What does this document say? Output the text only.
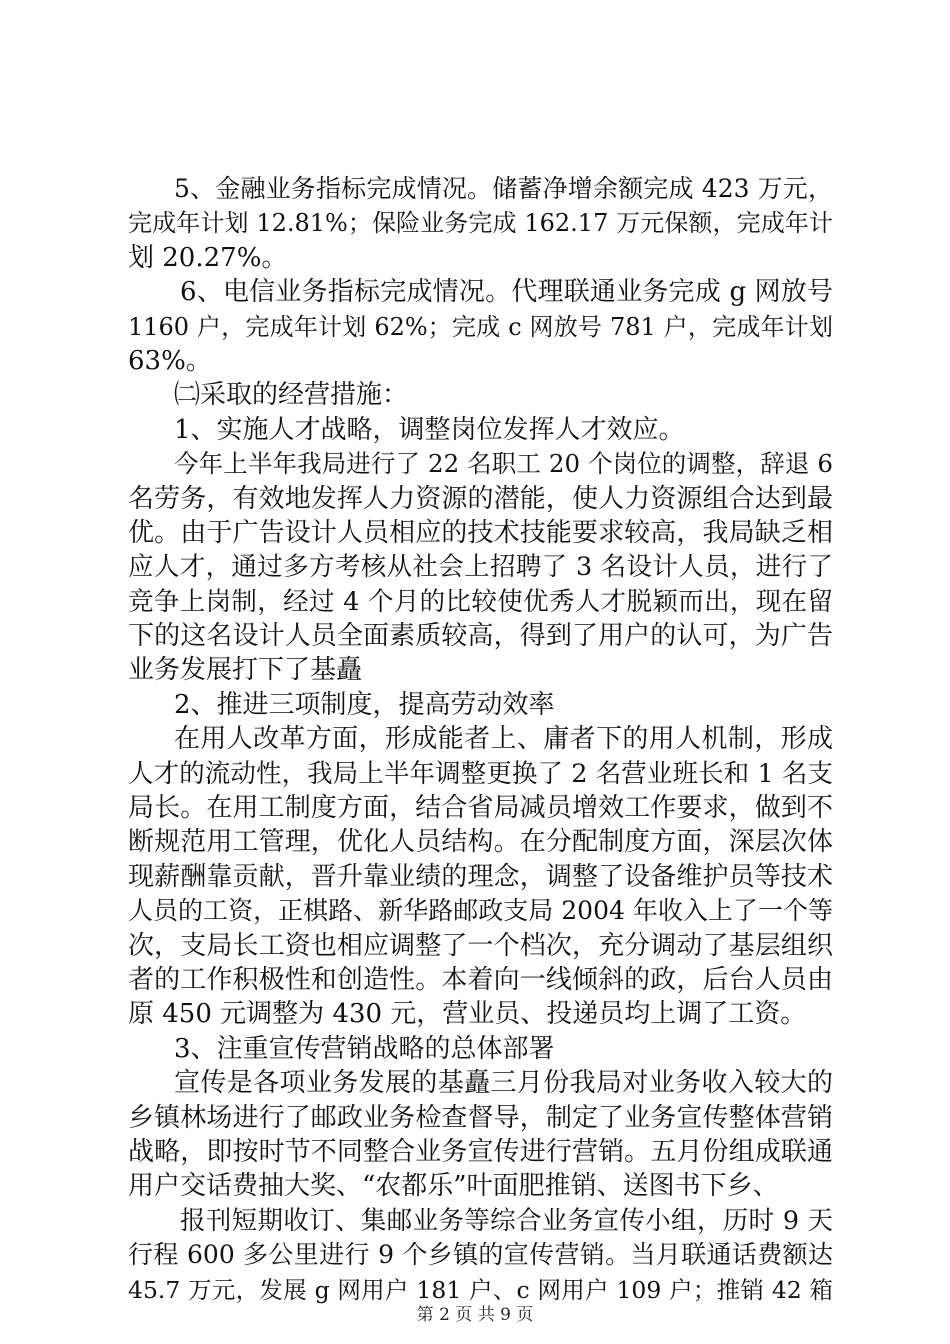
5、金融业务指标完成情况。储蓄净增余额完成 423 万元，
完成年计划 12.81%；保险业务完成 162.17 万元保额，完成年计
划 20.27%。
6、电信业务指标完成情况。代理联通业务完成 g 网放号
1160 户，完成年计划 62%；完成 c 网放号 781 户，完成年计划
63%。
㈡采取的经营措施：
1、实施人才战略，调整岗位发挥人才效应。
今年上半年我局进行了 22 名职工 20 个岗位的调整，辞退 6
名劳务，有效地发挥人力资源的潜能，使人力资源组合达到最
优。由于广告设计人员相应的技术技能要求较高，我局缺乏相
应人才，通过多方考核从社会上招聘了 3 名设计人员，进行了
竞争上岗制，经过 4 个月的比较使优秀人才脱颖而出，现在留
下的这名设计人员全面素质较高，得到了用户的认可，为广告
业务发展打下了基矗
2、推进三项制度，提高劳动效率
在用人改革方面，形成能者上、庸者下的用人机制，形成
人才的流动性，我局上半年调整更换了 2 名营业班长和 1 名支
局长。在用工制度方面，结合省局减员增效工作要求，做到不
断规范用工管理，优化人员结构。在分配制度方面，深层次体
现薪酬靠贡献，晋升靠业绩的理念，调整了设备维护员等技术
人员的工资，正棋路、新华路邮政支局 2004 年收入上了一个等
次，支局长工资也相应调整了一个档次，充分调动了基层组织
者的工作积极性和创造性。本着向一线倾斜的政，后台人员由
原 450 元调整为 430 元，营业员、投递员均上调了工资。
3、注重宣传营销战略的总体部署
宣传是各项业务发展的基矗三月份我局对业务收入较大的
乡镇林场进行了邮政业务检查督导，制定了业务宣传整体营销
战略，即按时节不同整合业务宣传进行营销。五月份组成联通
用户交话费抽大奖、“农都乐”叶面肥推销、送图书下乡、
报刊短期收订、集邮业务等综合业务宣传小组，历时 9 天
行程 600 多公里进行 9 个乡镇的宣传营销。当月联通话费额达
45.7 万元，发展 g 网用户 181 户、c 网用户 109 户；推销 42 箱
第 2 页 共 9 页
